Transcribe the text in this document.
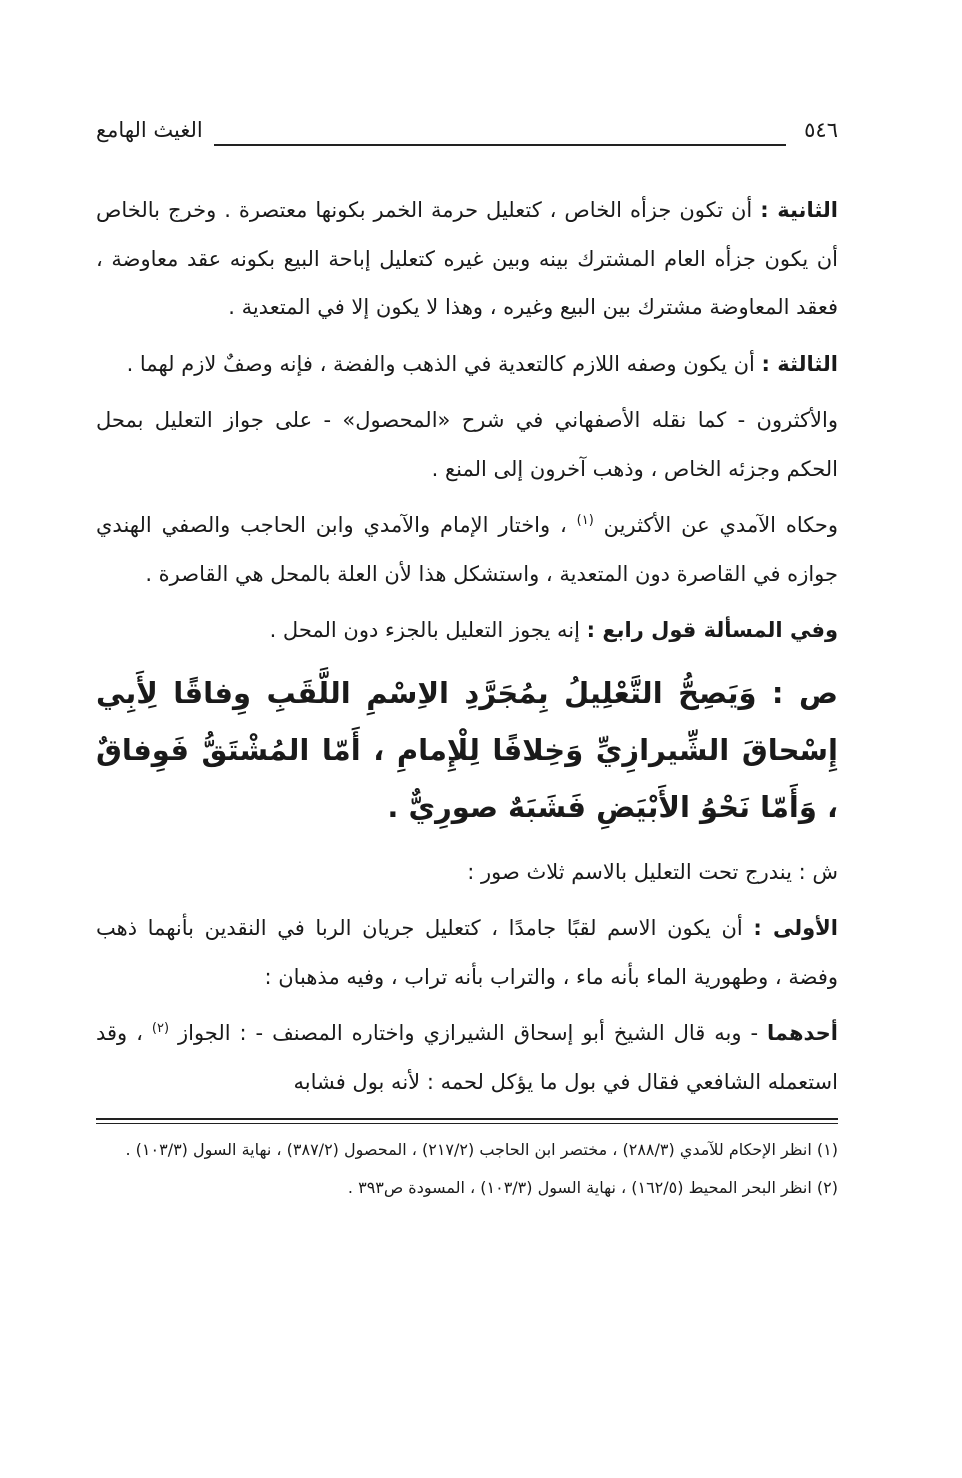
٥٤٦
الغيث الهامع

الثانية : أن تكون جزأه الخاص ، كتعليل حرمة الخمر بكونها معتصرة . وخرج بالخاص أن يكون جزأه العام المشترك بينه وبين غيره كتعليل إباحة البيع بكونه عقد معاوضة ، فعقد المعاوضة مشترك بين البيع وغيره ، وهذا لا يكون إلا في المتعدية .

الثالثة : أن يكون وصفه اللازم كالتعدية في الذهب والفضة ، فإنه وصفٌ لازم لهما .

والأكثرون - كما نقله الأصفهاني في شرح «المحصول» - على جواز التعليل بمحل الحكم وجزئه الخاص ، وذهب آخرون إلى المنع .

وحكاه الآمدي عن الأكثرين $^{(١)}$ ، واختار الإمام والآمدي وابن الحاجب والصفي الهندي جوازه في القاصرة دون المتعدية ، واستشكل هذا لأن العلة بالمحل هي القاصرة .

وفي المسألة قول رابع : إنه يجوز التعليل بالجزء دون المحل .

ص : وَيَصِحُّ التَّعْلِيلُ بِمُجَرَّدِ الاِسْمِ اللَّقَبِ وِفاقًا لِأَبِي إِسْحاقَ الشِّيرازِيِّ وَخِلافًا لِلْإِمامِ ، أَمّا المُشْتَقُّ فَوِفاقٌ ، وَأَمّا نَحْوُ الأَبْيَضِ فَشَبَهٌ صورِيٌّ .

ش : يندرج تحت التعليل بالاسم ثلاث صور :

الأولى : أن يكون الاسم لقبًا جامدًا ، كتعليل جريان الربا في النقدين بأنهما ذهب وفضة ، وطهورية الماء بأنه ماء ، والتراب بأنه تراب ، وفيه مذهبان :

أحدهما - وبه قال الشيخ أبو إسحاق الشيرازي واختاره المصنف - : الجواز $^{(٢)}$ ، وقد استعمله الشافعي فقال في بول ما يؤكل لحمه : لأنه بول فشابه

(١) انظر الإحكام للآمدي (٢٨٨/٣) ، مختصر ابن الحاجب (٢١٧/٢) ، المحصول (٣٨٧/٢) ، نهاية السول (١٠٣/٣) .

(٢) انظر البحر المحيط (١٦٢/٥) ، نهاية السول (١٠٣/٣) ، المسودة ص٣٩٣ .
